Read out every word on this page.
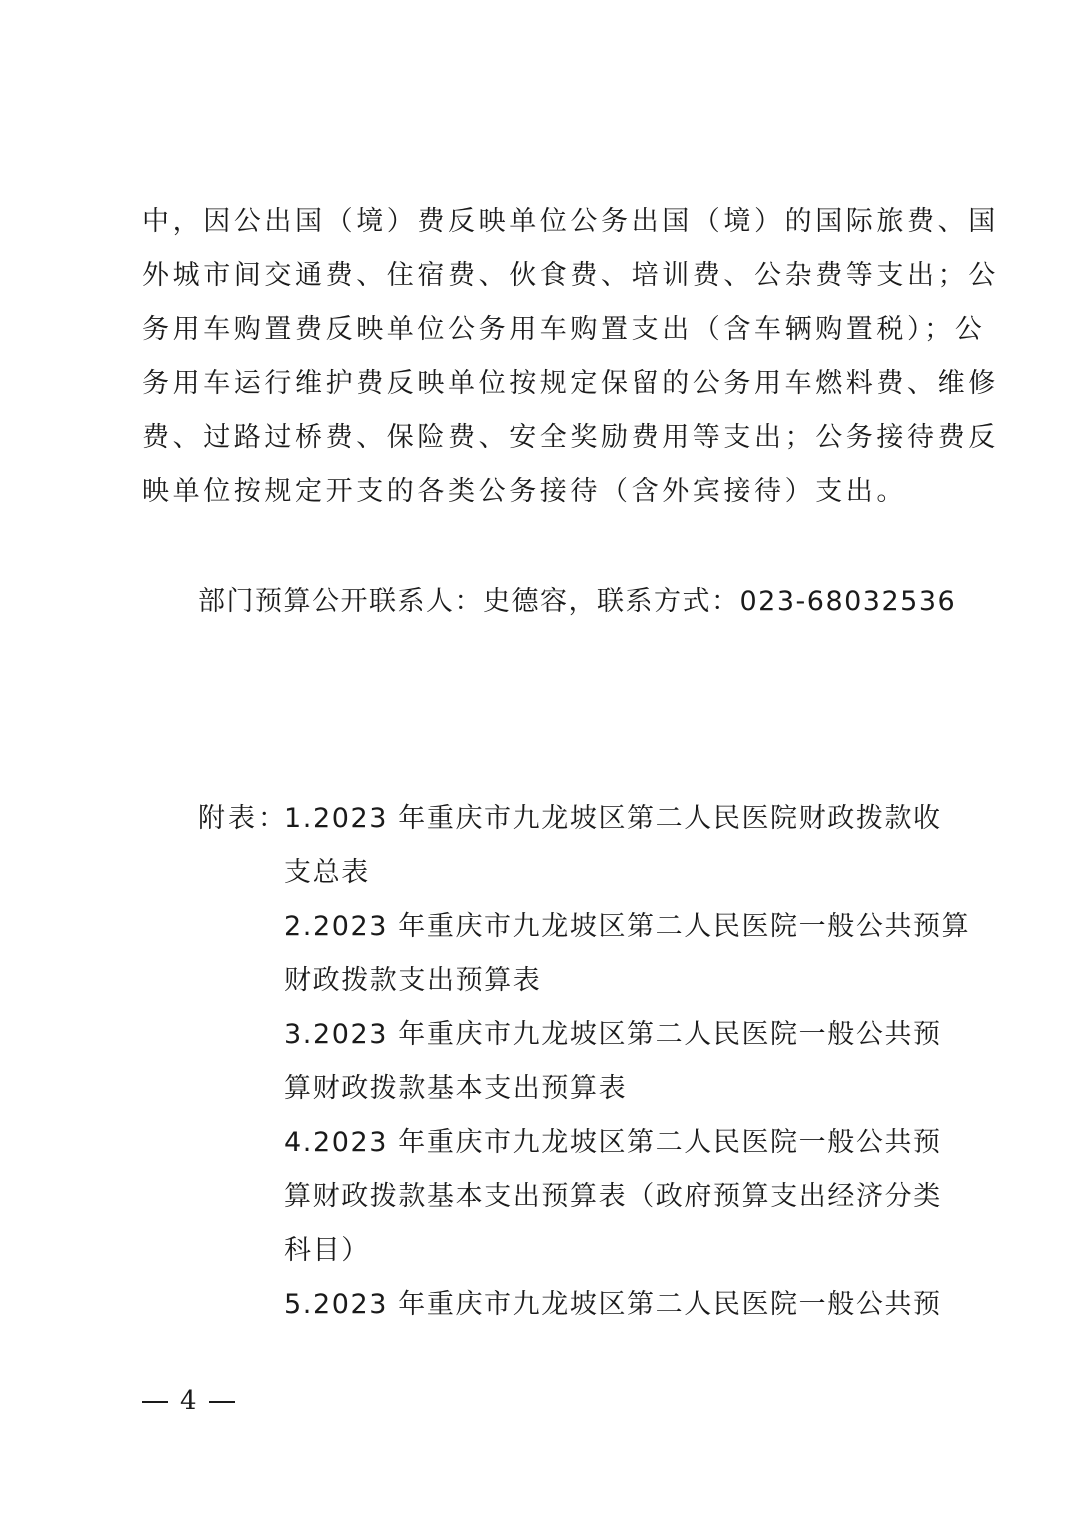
中，因公出国（境）费反映单位公务出国（境）的国际旅费、国
外城市间交通费、住宿费、伙食费、培训费、公杂费等支出；公
务用车购置费反映单位公务用车购置支出（含车辆购置税）；公
务用车运行维护费反映单位按规定保留的公务用车燃料费、维修
费、过路过桥费、保险费、安全奖励费用等支出；公务接待费反
映单位按规定开支的各类公务接待（含外宾接待）支出。
部门预算公开联系人：史德容，联系方式：023-68032536
附表：
1.2023 年重庆市九龙坡区第二人民医院财政拨款收
支总表
2.2023 年重庆市九龙坡区第二人民医院一般公共预算
财政拨款支出预算表
3.2023 年重庆市九龙坡区第二人民医院一般公共预
算财政拨款基本支出预算表
4.2023 年重庆市九龙坡区第二人民医院一般公共预
算财政拨款基本支出预算表（政府预算支出经济分类
科目）
5.2023 年重庆市九龙坡区第二人民医院一般公共预
4
